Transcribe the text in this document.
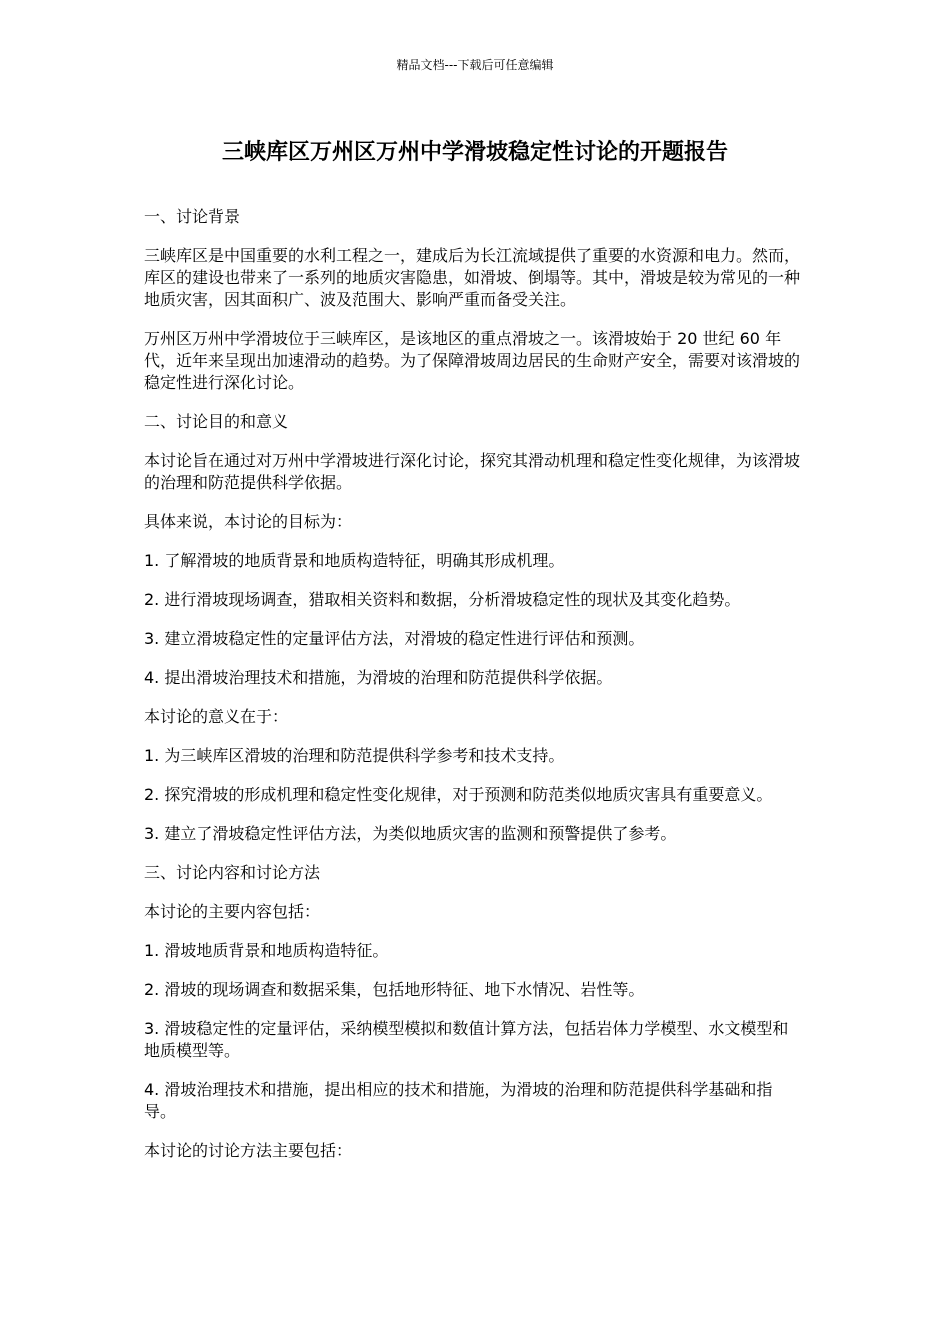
精品文档---下载后可任意编辑
三峡库区万州区万州中学滑坡稳定性讨论的开题报告

一、讨论背景

三峡库区是中国重要的水利工程之一，建成后为长江流域提供了重要的水资源和电力。然而，库区的建设也带来了一系列的地质灾害隐患，如滑坡、倒塌等。其中，滑坡是较为常见的一种地质灾害，因其面积广、波及范围大、影响严重而备受关注。

万州区万州中学滑坡位于三峡库区，是该地区的重点滑坡之一。该滑坡始于 20 世纪 60 年代，近年来呈现出加速滑动的趋势。为了保障滑坡周边居民的生命财产安全，需要对该滑坡的稳定性进行深化讨论。

二、讨论目的和意义

本讨论旨在通过对万州中学滑坡进行深化讨论，探究其滑动机理和稳定性变化规律，为该滑坡的治理和防范提供科学依据。

具体来说，本讨论的目标为：

1. 了解滑坡的地质背景和地质构造特征，明确其形成机理。

2. 进行滑坡现场调查，猎取相关资料和数据，分析滑坡稳定性的现状及其变化趋势。

3. 建立滑坡稳定性的定量评估方法，对滑坡的稳定性进行评估和预测。

4. 提出滑坡治理技术和措施，为滑坡的治理和防范提供科学依据。

本讨论的意义在于：

1. 为三峡库区滑坡的治理和防范提供科学参考和技术支持。

2. 探究滑坡的形成机理和稳定性变化规律，对于预测和防范类似地质灾害具有重要意义。

3. 建立了滑坡稳定性评估方法，为类似地质灾害的监测和预警提供了参考。

三、讨论内容和讨论方法

本讨论的主要内容包括：

1. 滑坡地质背景和地质构造特征。

2. 滑坡的现场调查和数据采集，包括地形特征、地下水情况、岩性等。

3. 滑坡稳定性的定量评估，采纳模型模拟和数值计算方法，包括岩体力学模型、水文模型和地质模型等。

4. 滑坡治理技术和措施，提出相应的技术和措施，为滑坡的治理和防范提供科学基础和指导。

本讨论的讨论方法主要包括：
